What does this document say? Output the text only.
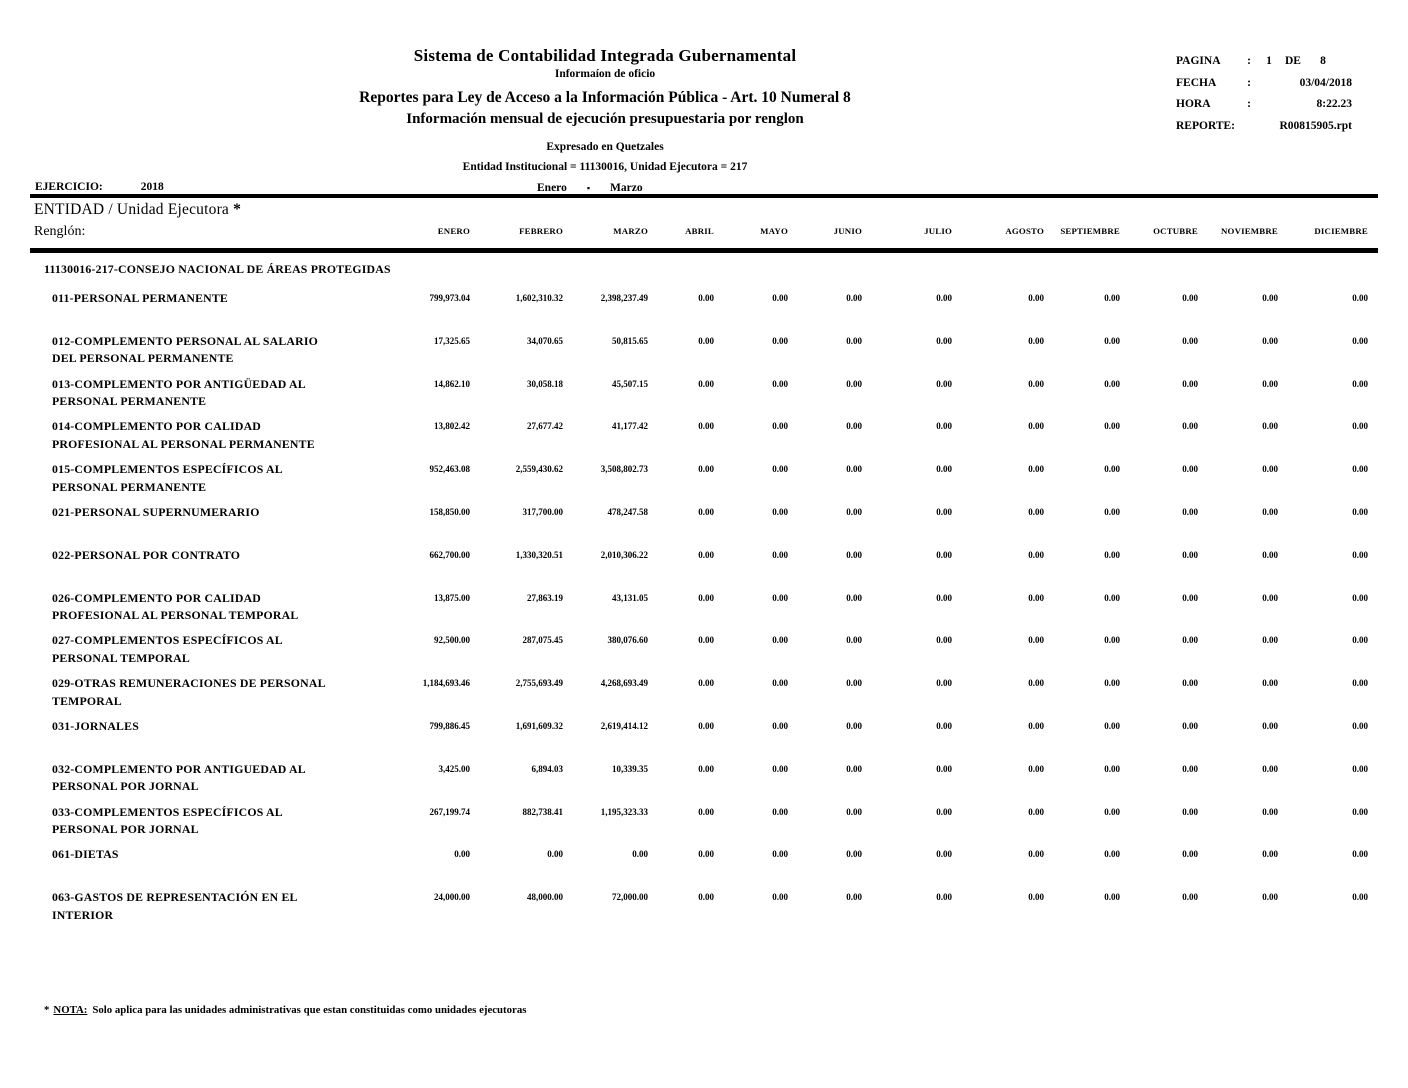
Sistema de Contabilidad Integrada Gubernamental
Informaíon de oficio
Reportes para Ley de Acceso a la Información Pública - Art. 10 Numeral 8
Información mensual de ejecución presupuestaria por renglon
Expresado en Quetzales
Entidad Institucional = 11130016, Unidad Ejecutora = 217
PAGINA	:	1	DE	8
FECHA	:	03/04/2018
HORA	:	8:22.23
REPORTE:	R00815905.rpt
EJERCICIO:	2018	Enero ▪ Marzo
ENTIDAD / Unidad Ejecutora *
Renglón:	ENERO	FEBRERO	MARZO	ABRIL	MAYO	JUNIO	JULIO	AGOSTO	SEPTIEMBRE	OCTUBRE	NOVIEMBRE	DICIEMBRE
11130016-217-CONSEJO NACIONAL DE ÁREAS PROTEGIDAS
011-PERSONAL PERMANENTE	799,973.04	1,602,310.32	2,398,237.49	0.00	0.00	0.00	0.00	0.00	0.00	0.00	0.00	0.00
012-COMPLEMENTO PERSONAL AL SALARIO
DEL PERSONAL PERMANENTE
17,325.65	34,070.65	50,815.65	0.00	0.00	0.00	0.00	0.00	0.00	0.00	0.00	0.00
013-COMPLEMENTO POR ANTIGÜEDAD AL
PERSONAL PERMANENTE
14,862.10	30,058.18	45,507.15	0.00	0.00	0.00	0.00	0.00	0.00	0.00	0.00	0.00
014-COMPLEMENTO POR CALIDAD
PROFESIONAL AL PERSONAL PERMANENTE
13,802.42	27,677.42	41,177.42	0.00	0.00	0.00	0.00	0.00	0.00	0.00	0.00	0.00
015-COMPLEMENTOS ESPECÍFICOS AL
PERSONAL PERMANENTE
952,463.08	2,559,430.62	3,508,802.73	0.00	0.00	0.00	0.00	0.00	0.00	0.00	0.00	0.00
021-PERSONAL SUPERNUMERARIO	158,850.00	317,700.00	478,247.58	0.00	0.00	0.00	0.00	0.00	0.00	0.00	0.00	0.00
022-PERSONAL POR CONTRATO	662,700.00	1,330,320.51	2,010,306.22	0.00	0.00	0.00	0.00	0.00	0.00	0.00	0.00	0.00
026-COMPLEMENTO POR CALIDAD
PROFESIONAL AL PERSONAL TEMPORAL
13,875.00	27,863.19	43,131.05	0.00	0.00	0.00	0.00	0.00	0.00	0.00	0.00	0.00
027-COMPLEMENTOS ESPECÍFICOS AL
PERSONAL TEMPORAL
92,500.00	287,075.45	380,076.60	0.00	0.00	0.00	0.00	0.00	0.00	0.00	0.00	0.00
029-OTRAS REMUNERACIONES DE PERSONAL
TEMPORAL
1,184,693.46	2,755,693.49	4,268,693.49	0.00	0.00	0.00	0.00	0.00	0.00	0.00	0.00	0.00
031-JORNALES	799,886.45	1,691,609.32	2,619,414.12	0.00	0.00	0.00	0.00	0.00	0.00	0.00	0.00	0.00
032-COMPLEMENTO POR ANTIGUEDAD AL
PERSONAL POR JORNAL
3,425.00	6,894.03	10,339.35	0.00	0.00	0.00	0.00	0.00	0.00	0.00	0.00	0.00
033-COMPLEMENTOS ESPECÍFICOS AL
PERSONAL POR JORNAL
267,199.74	882,738.41	1,195,323.33	0.00	0.00	0.00	0.00	0.00	0.00	0.00	0.00	0.00
061-DIETAS	0.00	0.00	0.00	0.00	0.00	0.00	0.00	0.00	0.00	0.00	0.00	0.00
063-GASTOS DE REPRESENTACIÓN EN EL
INTERIOR
24,000.00	48,000.00	72,000.00	0.00	0.00	0.00	0.00	0.00	0.00	0.00	0.00	0.00
* NOTA: Solo aplica para las unidades administrativas que estan constituidas como unidades ejecutoras
